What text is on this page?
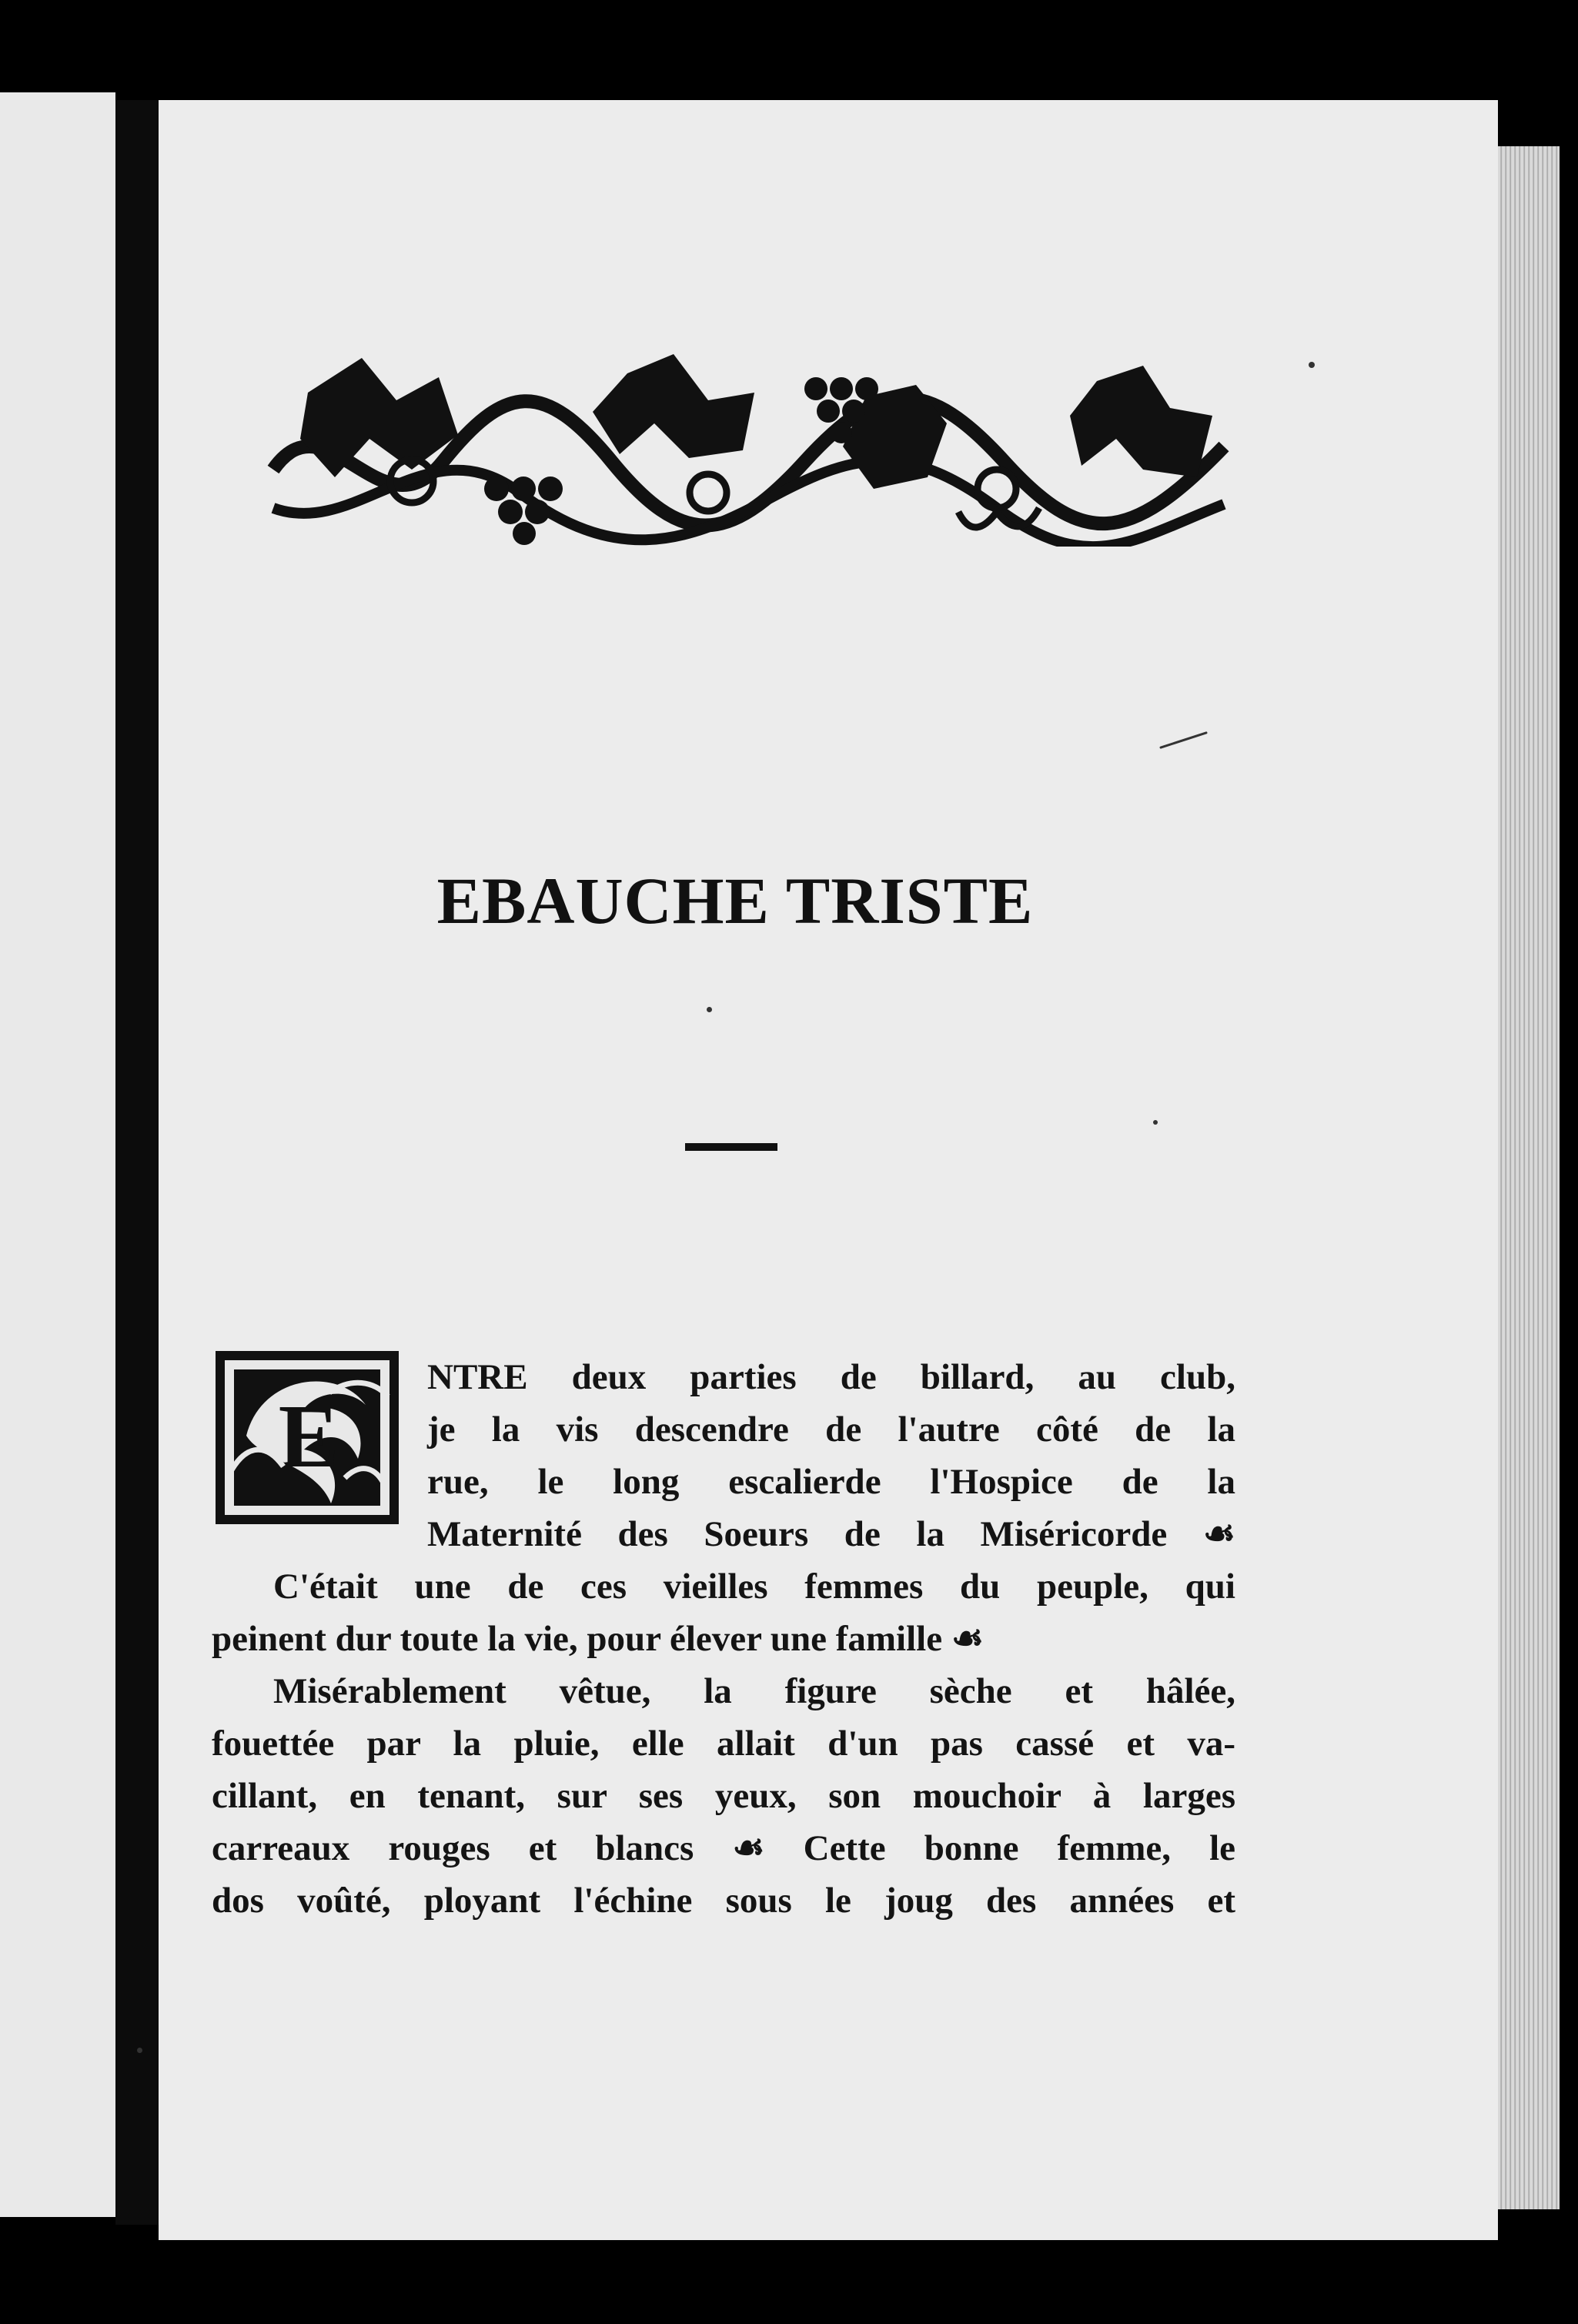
EBAUCHE TRISTE
E
NTRE deux parties de billard, au club,
je la vis descendre de l'autre côté de la
rue, le long escalierde l'Hospice de la
Maternité des Soeurs de la Miséricorde ☙
C'était une de ces vieilles femmes du peuple, qui
peinent dur toute la vie, pour élever une famille ☙
Misérablement vêtue, la figure sèche et hâlée,
fouettée par la pluie, elle allait d'un pas cassé et va-
cillant, en tenant, sur ses yeux, son mouchoir à larges
carreaux rouges et blancs ☙ Cette bonne femme, le
dos voûté, ployant l'échine sous le joug des années et
